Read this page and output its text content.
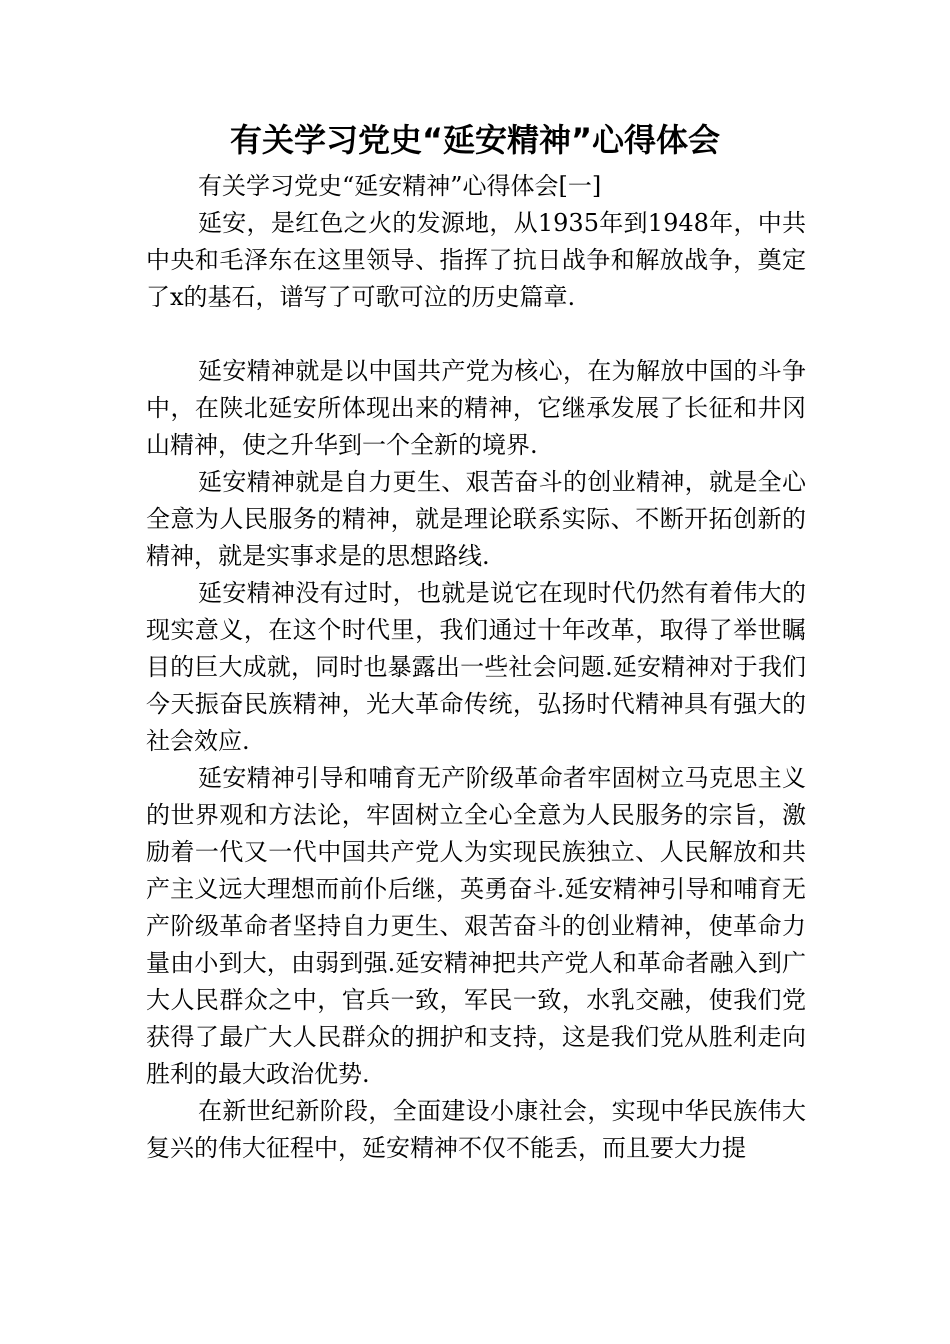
有关学习党史“延安精神”心得体会

有关学习党史“延安精神”心得体会[一]

延安，是红色之火的发源地，从1935年到1948年，中共中央和毛泽东在这里领导、指挥了抗日战争和解放战争，奠定了x的基石，谱写了可歌可泣的历史篇章.

延安精神就是以中国共产党为核心，在为解放中国的斗争中，在陕北延安所体现出来的精神，它继承发展了长征和井冈山精神，使之升华到一个全新的境界.

延安精神就是自力更生、艰苦奋斗的创业精神，就是全心全意为人民服务的精神，就是理论联系实际、不断开拓创新的精神，就是实事求是的思想路线.

延安精神没有过时，也就是说它在现时代仍然有着伟大的现实意义，在这个时代里，我们通过十年改革，取得了举世瞩目的巨大成就，同时也暴露出一些社会问题.延安精神对于我们今天振奋民族精神，光大革命传统，弘扬时代精神具有强大的社会效应.

延安精神引导和哺育无产阶级革命者牢固树立马克思主义的世界观和方法论，牢固树立全心全意为人民服务的宗旨，激励着一代又一代中国共产党人为实现民族独立、人民解放和共产主义远大理想而前仆后继，英勇奋斗.延安精神引导和哺育无产阶级革命者坚持自力更生、艰苦奋斗的创业精神，使革命力量由小到大，由弱到强.延安精神把共产党人和革命者融入到广大人民群众之中，官兵一致，军民一致，水乳交融，使我们党获得了最广大人民群众的拥护和支持，这是我们党从胜利走向胜利的最大政治优势.

在新世纪新阶段，全面建设小康社会，实现中华民族伟大复兴的伟大征程中，延安精神不仅不能丢，而且要大力提
